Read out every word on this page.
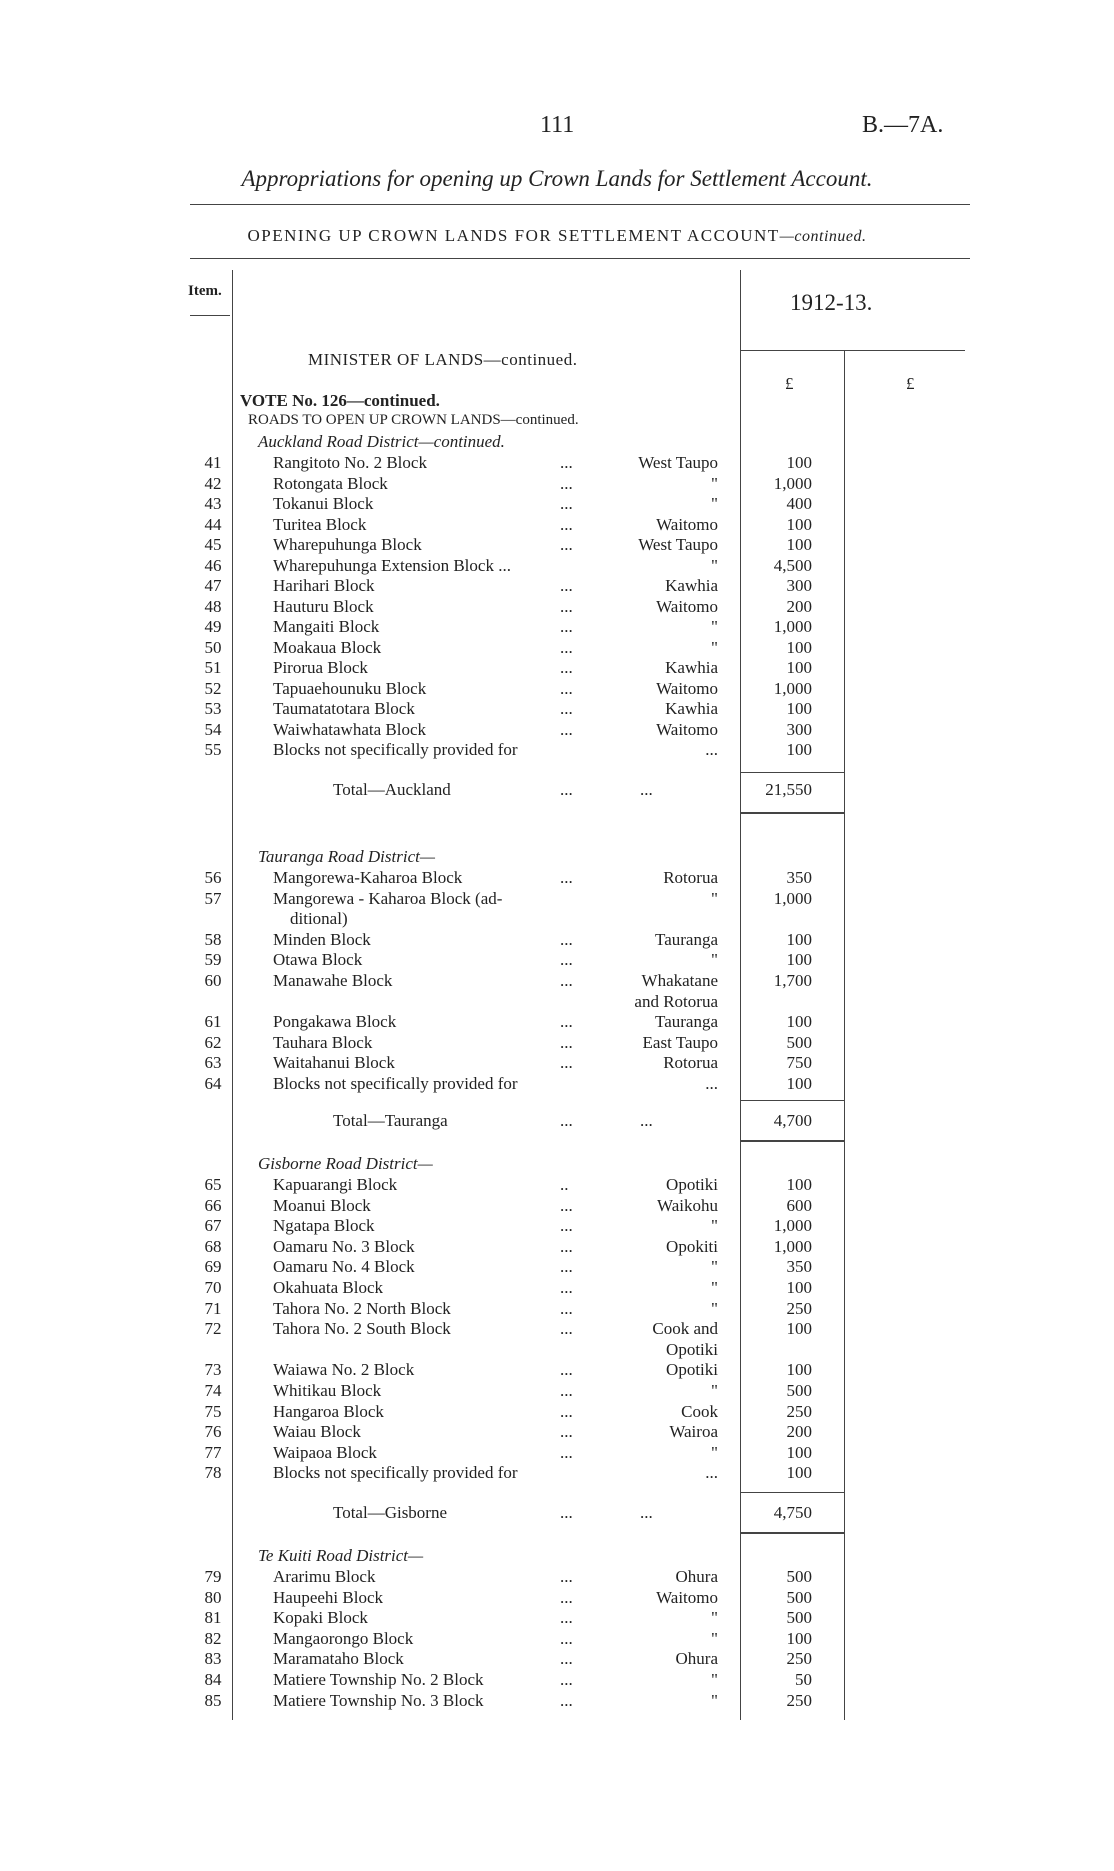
111	B.—7A.
Appropriations for opening up Crown Lands for Settlement Account.
OPENING UP CROWN LANDS FOR SETTLEMENT ACCOUNT—continued.
Item.	1912-13.
£	£
MINISTER OF LANDS—continued.
VOTE No. 126—continued.
ROADS TO OPEN UP CROWN LANDS—continued.
Auckland Road District—continued.
41	Rangitoto No. 2 Block	...	West Taupo	100
42	Rotongata Block	...	"	1,000
43	Tokanui Block	...	"	400
44	Turitea Block	...	Waitomo	100
45	Wharepuhunga Block	...	West Taupo	100
46	Wharepuhunga Extension Block ...	"	4,500
47	Harihari Block	...	Kawhia	300
48	Hauturu Block	...	Waitomo	200
49	Mangaiti Block	...	"	1,000
50	Moakaua Block	...	"	100
51	Pirorua Block	...	Kawhia	100
52	Tapuaehounuku Block	...	Waitomo	1,000
53	Taumatatotara Block	...	Kawhia	100
54	Waiwhatawhata Block	...	Waitomo	300
55	Blocks not specifically provided for	...	100
Total—Auckland	...	...	21,550
Tauranga Road District—
56	Mangorewa-Kaharoa Block	...	Rotorua	350
57	Mangorewa - Kaharoa Block (ad-	"	1,000
ditional)
58	Minden Block	...	Tauranga	100
59	Otawa Block	...	"	100
60	Manawahe Block	...	Whakatane	1,700
and Rotorua
61	Pongakawa Block	...	Tauranga	100
62	Tauhara Block	...	East Taupo	500
63	Waitahanui Block	...	Rotorua	750
64	Blocks not specifically provided for	...	100
Total—Tauranga	...	...	4,700
Gisborne Road District—
65	Kapuarangi Block	..	Opotiki	100
66	Moanui Block	...	Waikohu	600
67	Ngatapa Block	...	"	1,000
68	Oamaru No. 3 Block	...	Opokiti	1,000
69	Oamaru No. 4 Block	...	"	350
70	Okahuata Block	...	"	100
71	Tahora No. 2 North Block	...	"	250
72	Tahora No. 2 South Block	...	Cook and	100
Opotiki
73	Waiawa No. 2 Block	...	Opotiki	100
74	Whitikau Block	...	"	500
75	Hangaroa Block	...	Cook	250
76	Waiau Block	...	Wairoa	200
77	Waipaoa Block	...	"	100
78	Blocks not specifically provided for	...	100
Total—Gisborne	...	...	4,750
Te Kuiti Road District—
79	Ararimu Block	...	Ohura	500
80	Haupeehi Block	...	Waitomo	500
81	Kopaki Block	...	"	500
82	Mangaorongo Block	...	"	100
83	Maramataho Block	...	Ohura	250
84	Matiere Township No. 2 Block	...	"	50
85	Matiere Township No. 3 Block	...	"	250
